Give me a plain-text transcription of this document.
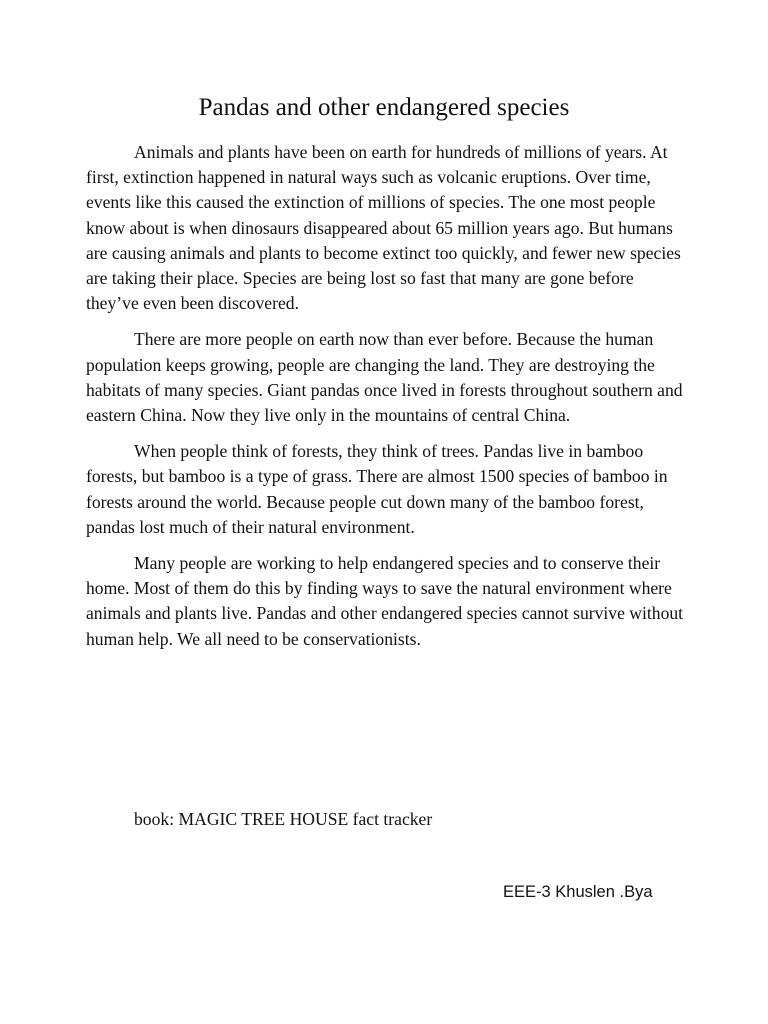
Pandas and other endangered species

Animals and plants have been on earth for hundreds of millions of years. At first, extinction happened in natural ways such as volcanic eruptions. Over time, events like this caused the extinction of millions of species. The one most people know about is when dinosaurs disappeared about 65 million years ago. But humans are causing animals and plants to become extinct too quickly, and fewer new species are taking their place. Species are being lost so fast that many are gone before they’ve even been discovered.

There are more people on earth now than ever before. Because the human population keeps growing, people are changing the land. They are destroying the habitats of many species. Giant pandas once lived in forests throughout southern and eastern China. Now they live only in the mountains of central China.

When people think of forests, they think of trees. Pandas live in bamboo forests, but bamboo is a type of grass. There are almost 1500 species of bamboo in forests around the world. Because people cut down many of the bamboo forest, pandas lost much of their natural environment.

Many people are working to help endangered species and to conserve their home. Most of them do this by finding ways to save the natural environment where animals and plants live. Pandas and other endangered species cannot survive without human help. We all need to be conservationists.

book: MAGIC TREE HOUSE fact tracker

EEE-3 Khuslen .Bya
